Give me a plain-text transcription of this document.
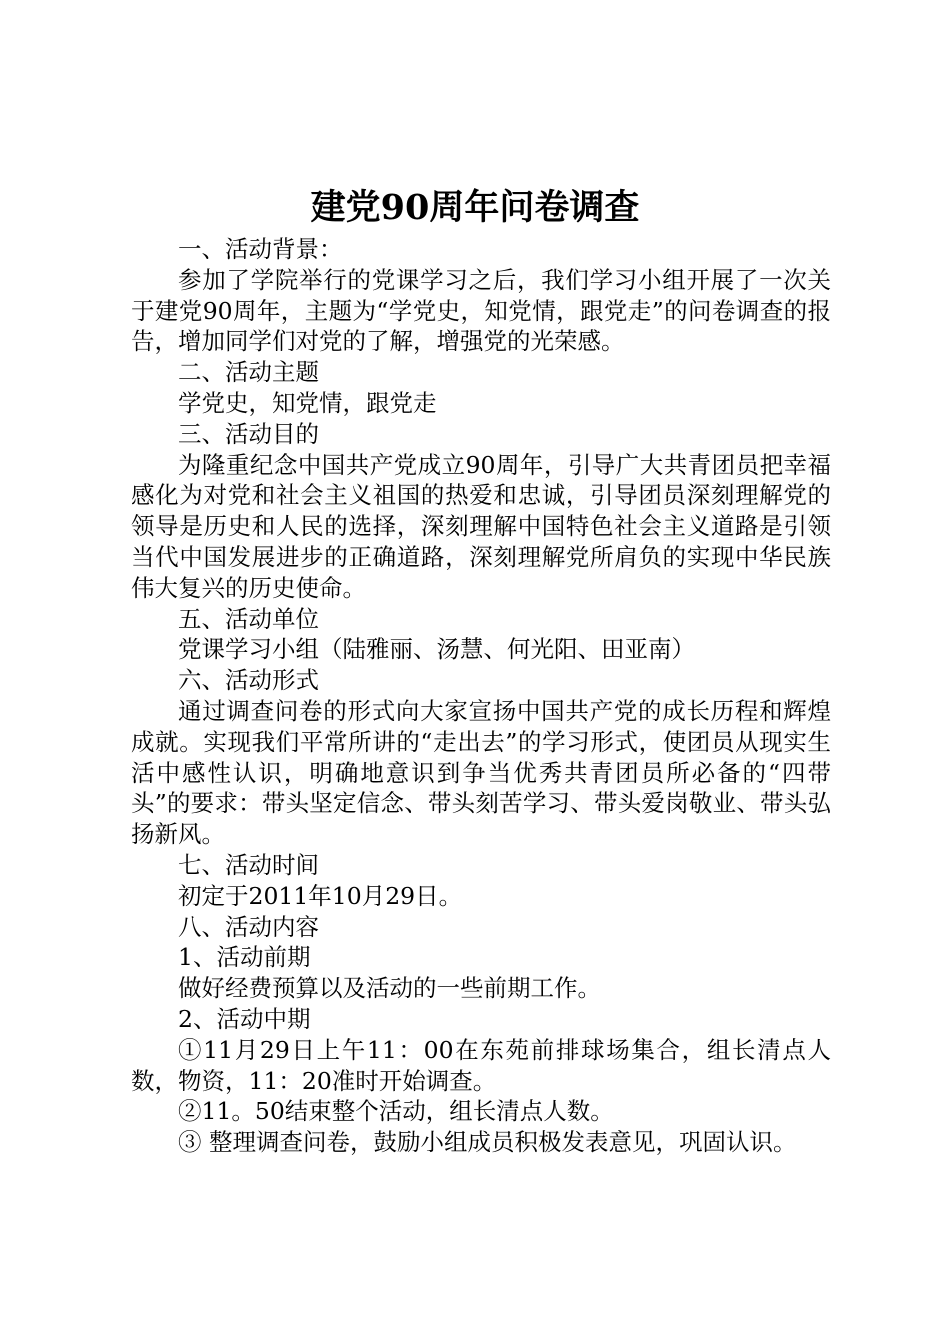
建党90周年问卷调查

一、活动背景：

参加了学院举行的党课学习之后，我们学习小组开展了一次关于建党90周年，主题为“学党史，知党情，跟党走”的问卷调查的报告，增加同学们对党的了解，增强党的光荣感。

二、活动主题

学党史，知党情，跟党走

三、活动目的

为隆重纪念中国共产党成立90周年，引导广大共青团员把幸福感化为对党和社会主义祖国的热爱和忠诚，引导团员深刻理解党的领导是历史和人民的选择，深刻理解中国特色社会主义道路是引领当代中国发展进步的正确道路，深刻理解党所肩负的实现中华民族伟大复兴的历史使命。

五、活动单位

党课学习小组（陆雅丽、汤慧、何光阳、田亚南）

六、活动形式

通过调查问卷的形式向大家宣扬中国共产党的成长历程和辉煌成就。实现我们平常所讲的“走出去”的学习形式，使团员从现实生活中感性认识，明确地意识到争当优秀共青团员所必备的“四带头”的要求：带头坚定信念、带头刻苦学习、带头爱岗敬业、带头弘扬新风。

七、活动时间

初定于2011年10月29日。

八、活动内容

1、活动前期

做好经费预算以及活动的一些前期工作。

2、活动中期

①11月29日上午11：00在东苑前排球场集合，组长清点人数，物资，11：20准时开始调查。

②11。50结束整个活动，组长清点人数。

③ 整理调查问卷，鼓励小组成员积极发表意见，巩固认识。
